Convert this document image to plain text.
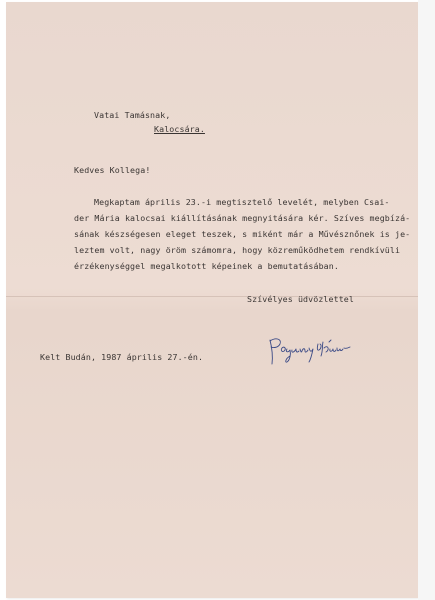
Vatai Tamásnak,
Kalocsára.
Kedves Kollega!
Megkaptam április 23.-i megtisztelő levelét, melyben Csai-
der Mária kalocsai kiállításának megnyitására kér. Szíves megbízá-
sának készségesen eleget teszek, s miként már a Művésznőnek is je-
leztem volt, nagy öröm számomra, hogy közreműködhetem rendkívüli
érzékenységgel megalkotott képeinek a bemutatásában.
Szívélyes üdvözlettel
Kelt Budán, 1987 április 27.-én.
